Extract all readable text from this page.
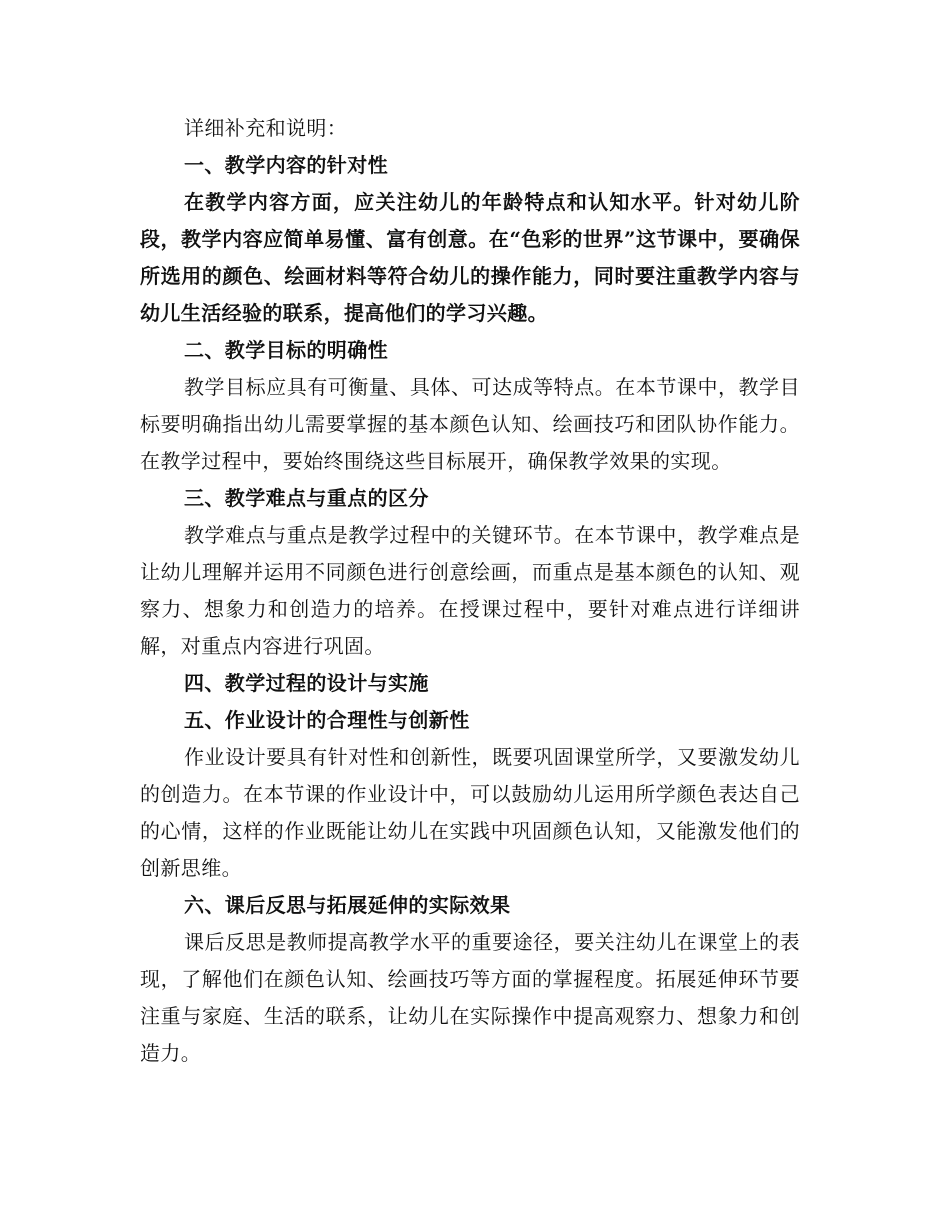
详细补充和说明：

一、教学内容的针对性

在教学内容方面，应关注幼儿的年龄特点和认知水平。针对幼儿阶段，教学内容应简单易懂、富有创意。在“色彩的世界”这节课中，要确保所选用的颜色、绘画材料等符合幼儿的操作能力，同时要注重教学内容与幼儿生活经验的联系，提高他们的学习兴趣。

二、教学目标的明确性

教学目标应具有可衡量、具体、可达成等特点。在本节课中，教学目标要明确指出幼儿需要掌握的基本颜色认知、绘画技巧和团队协作能力。在教学过程中，要始终围绕这些目标展开，确保教学效果的实现。

三、教学难点与重点的区分

教学难点与重点是教学过程中的关键环节。在本节课中，教学难点是让幼儿理解并运用不同颜色进行创意绘画，而重点是基本颜色的认知、观察力、想象力和创造力的培养。在授课过程中，要针对难点进行详细讲解，对重点内容进行巩固。

四、教学过程的设计与实施

五、作业设计的合理性与创新性

作业设计要具有针对性和创新性，既要巩固课堂所学，又要激发幼儿的创造力。在本节课的作业设计中，可以鼓励幼儿运用所学颜色表达自己的心情，这样的作业既能让幼儿在实践中巩固颜色认知，又能激发他们的创新思维。

六、课后反思与拓展延伸的实际效果

课后反思是教师提高教学水平的重要途径，要关注幼儿在课堂上的表现，了解他们在颜色认知、绘画技巧等方面的掌握程度。拓展延伸环节要注重与家庭、生活的联系，让幼儿在实际操作中提高观察力、想象力和创造力。
